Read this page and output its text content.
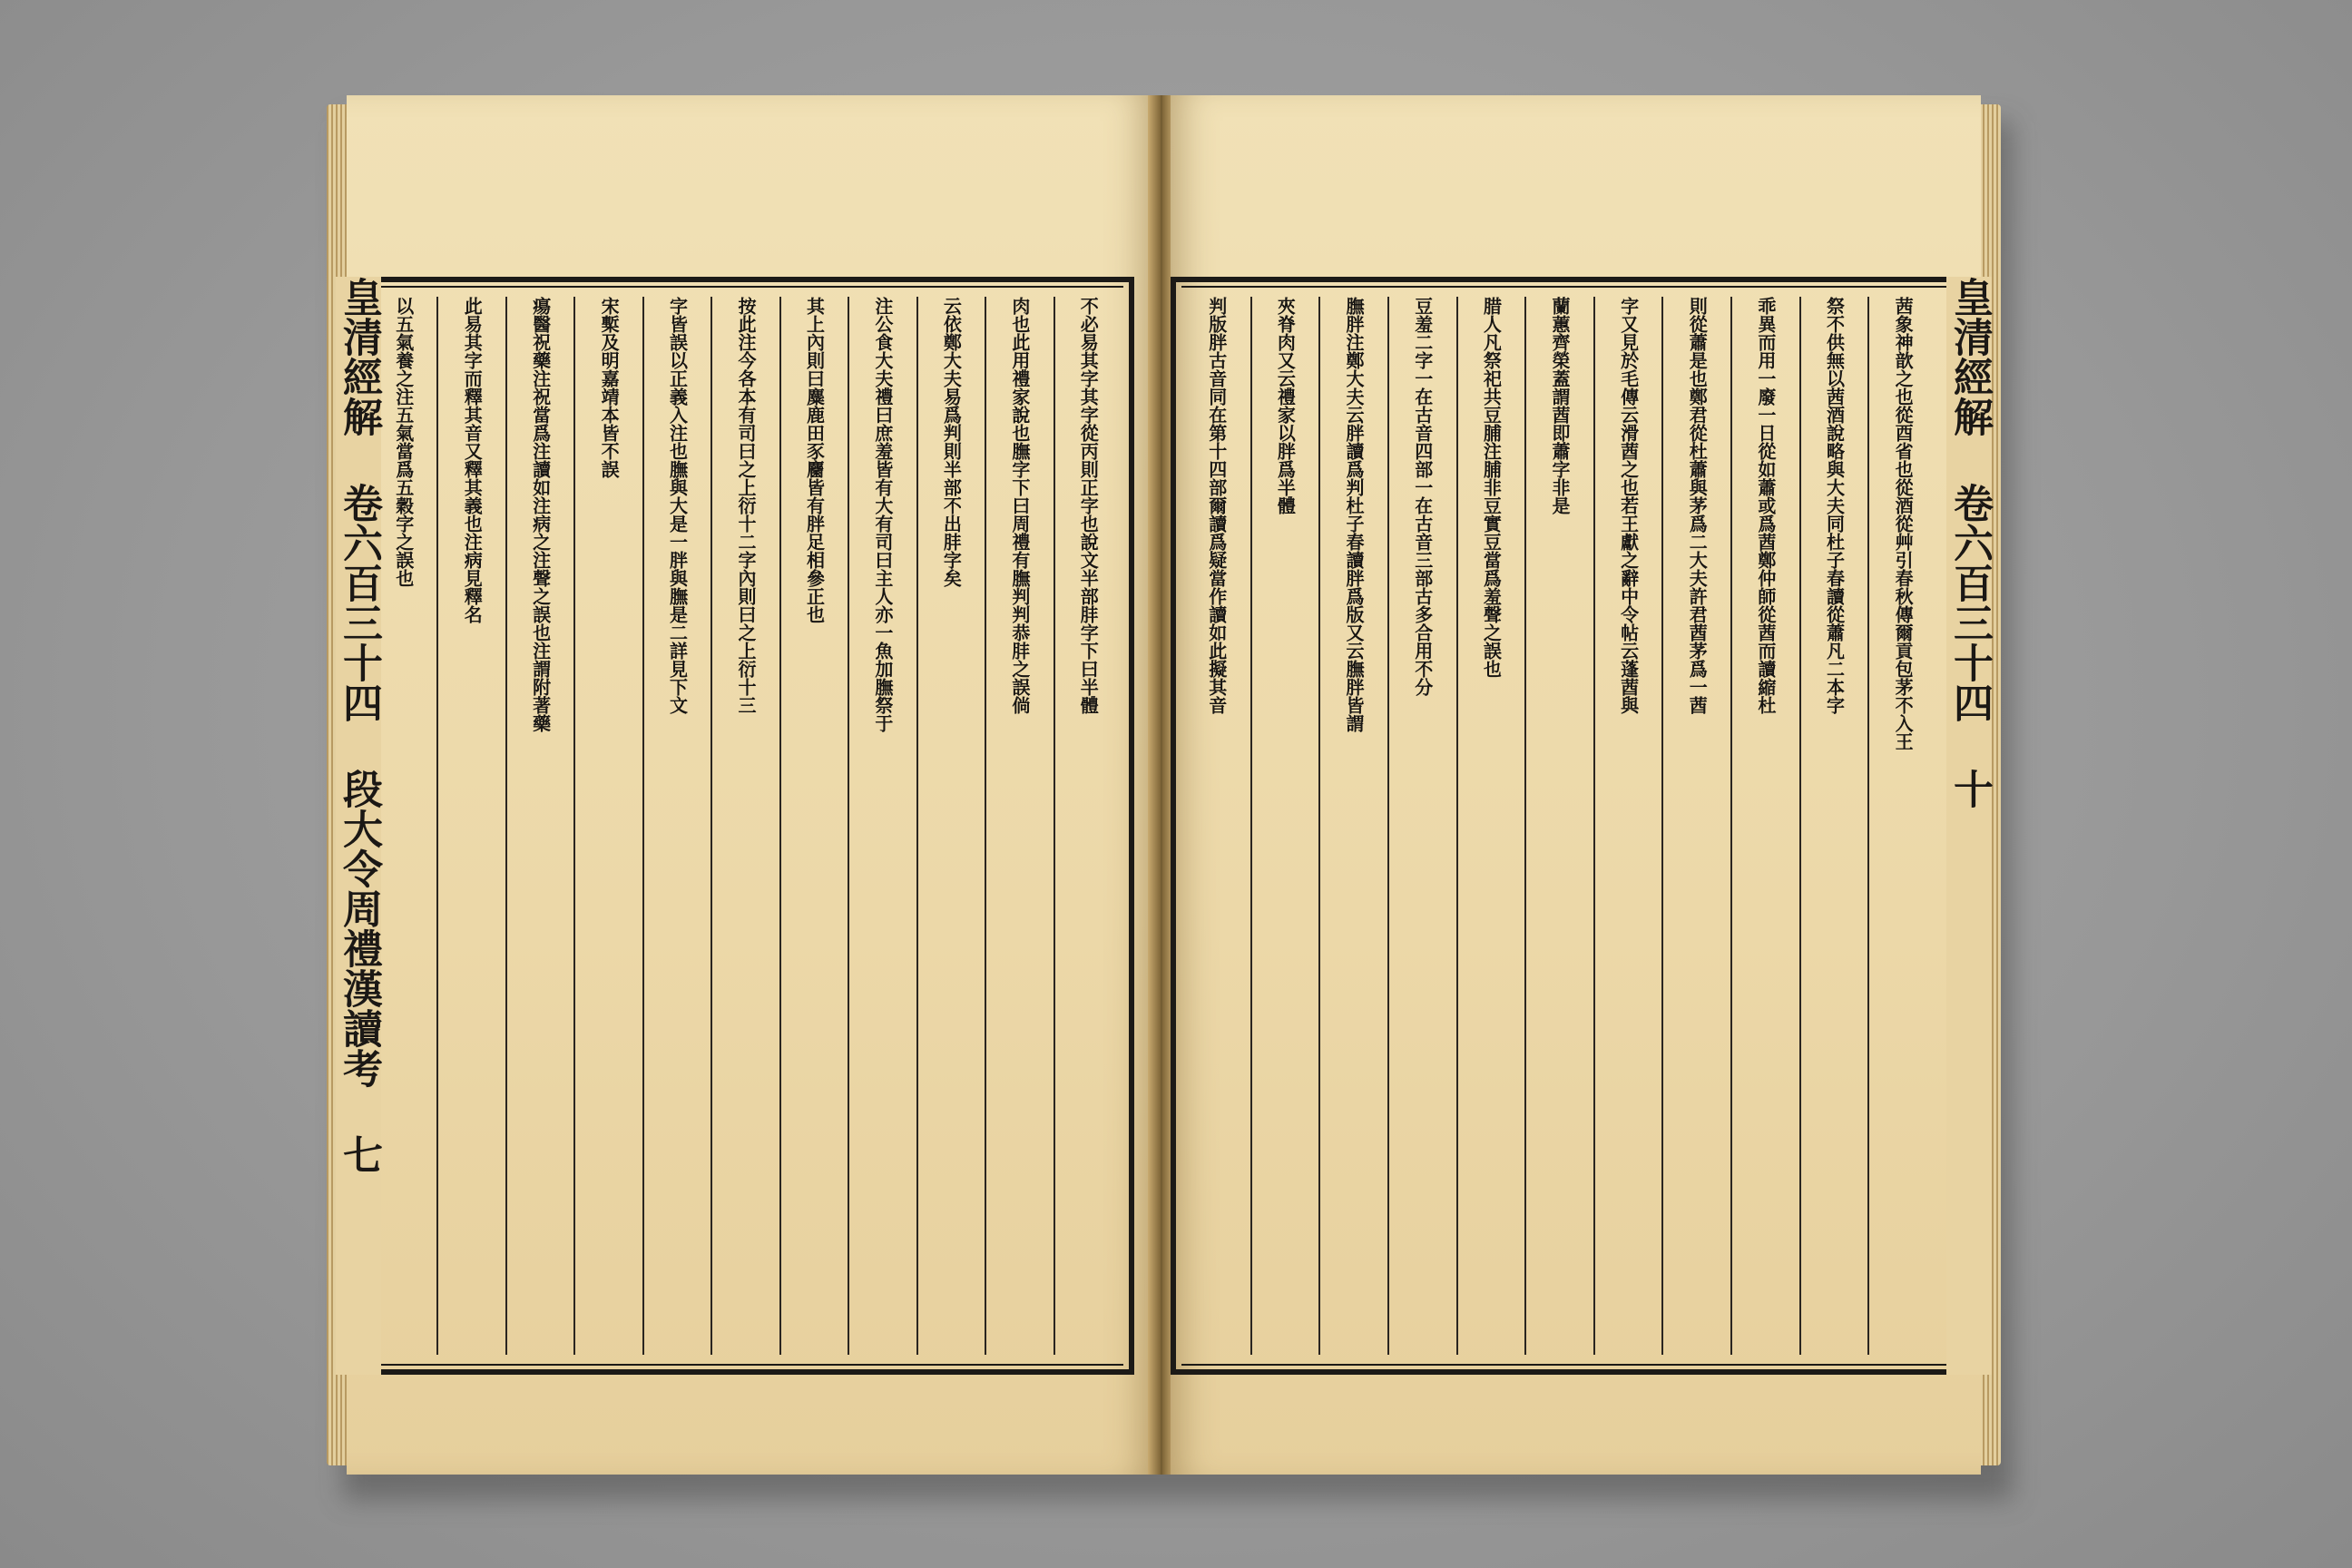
不必易其字其字從丙則正字也說文半部肨字下曰半體
肉也此用禮家說也膴字下曰周禮有膴判判恭肨之誤倘
云依鄭大夫易爲判則半部不出肨字矣
注公食大夫禮曰庶羞皆有大有司曰主人亦一魚加膴祭于
其上內則曰麋鹿田豕麕皆有胖足相參正也
按此注今各本有司曰之上衍十二字內則曰之上衍十三
字皆誤以正義入注也膴與大是一胖與膴是二詳見下文
宋槧及明嘉靖本皆不誤
瘍醫祝藥注祝當爲注讀如注病之注聲之誤也注謂附著藥
此易其字而釋其音又釋其義也注病見釋名
以五氣養之注五氣當爲五穀字之誤也
皇清經解 卷六百三十四 段大令周禮漢讀考 七	茜象神歆之也從酉省也從酒從艸引春秋傳爾貢包茅不入王
祭不供無以茜酒說略與大夫同杜子春讀從蕭凡二本字
乖異而用一廢一日從如蕭或爲莤鄭仲師從莤而讀縮杜
則從蕭是也鄭君從杜蕭與茅爲二大夫許君莤茅爲一莤
字又見於毛傳云滑莤之也若王獻之辭中令帖云蓬莤與
蘭蕙齊榮蓋謂莤即蕭字非是
腊人凡祭祀共豆脯注脯非豆實豆當爲羞聲之誤也
豆羞二字一在古音四部一在古音三部古多合用不分
膴胖注鄭大夫云胖讀爲判杜子春讀胖爲版又云膴胖皆謂
夾脊肉又云禮家以胖爲半體
判版胖古音同在第十四部爾讀爲疑當作讀如此擬其音	皇清經解 卷六百三十四 十
